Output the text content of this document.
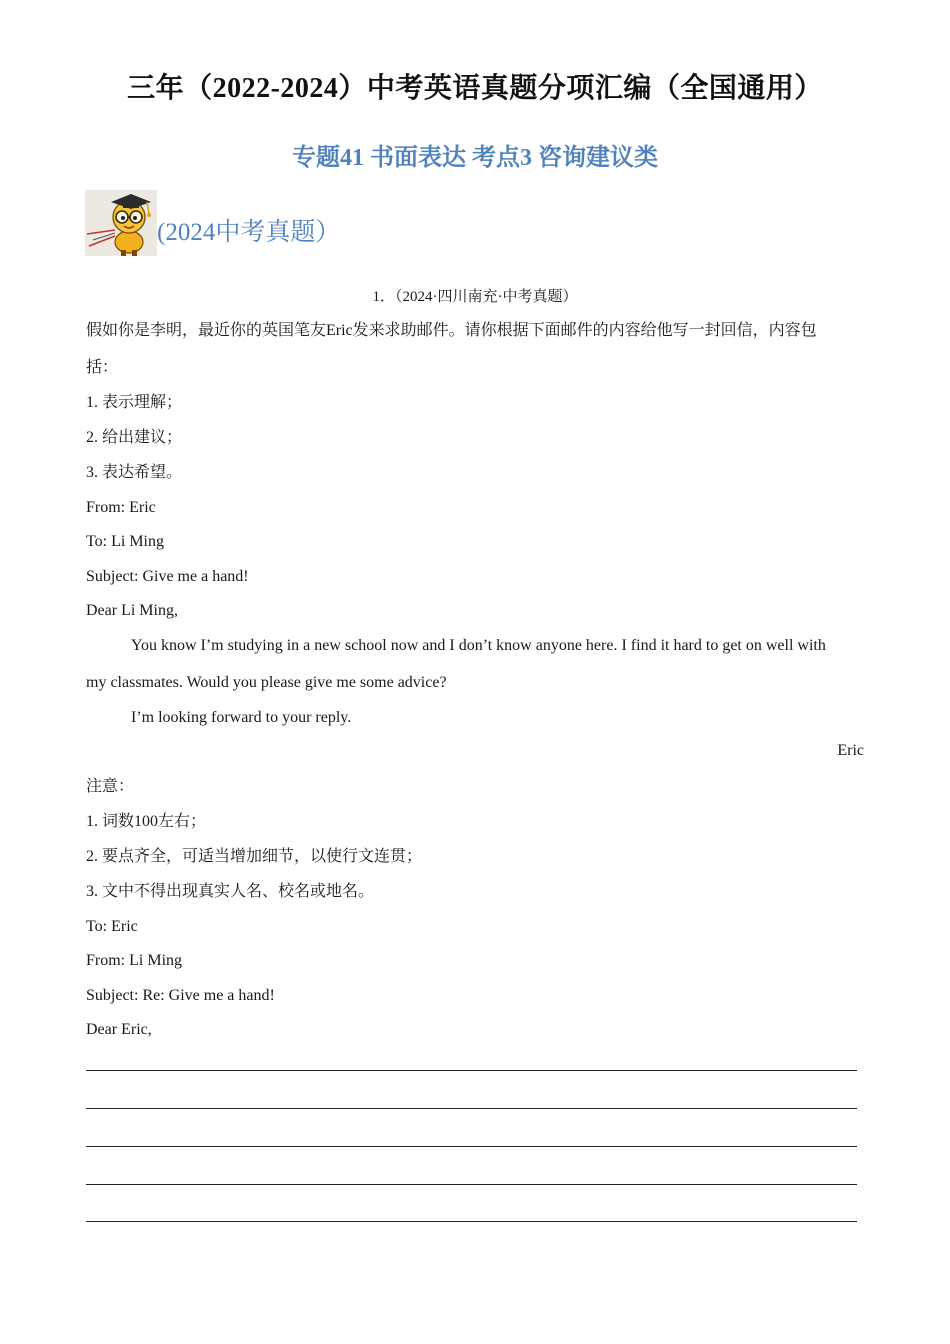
三年（2022-2024）中考英语真题分项汇编（全国通用）
专题41 书面表达 考点3 咨询建议类
(2024中考真题）
1．（2024·四川南充·中考真题）
假如你是李明，最近你的英国笔友Eric发来求助邮件。请你根据下面邮件的内容给他写一封回信，内容包
括：
1. 表示理解；
2. 给出建议；
3. 表达希望。
From: Eric
To: Li Ming
Subject: Give me a hand!
Dear Li Ming,
You know I’m studying in a new school now and I don’t know anyone here. I find it hard to get on well with
my classmates. Would you please give me some advice?
I’m looking forward to your reply.
Eric
注意：
1. 词数100左右；
2. 要点齐全，可适当增加细节，以使行文连贯；
3. 文中不得出现真实人名、校名或地名。
To: Eric
From: Li Ming
Subject: Re: Give me a hand!
Dear Eric,
